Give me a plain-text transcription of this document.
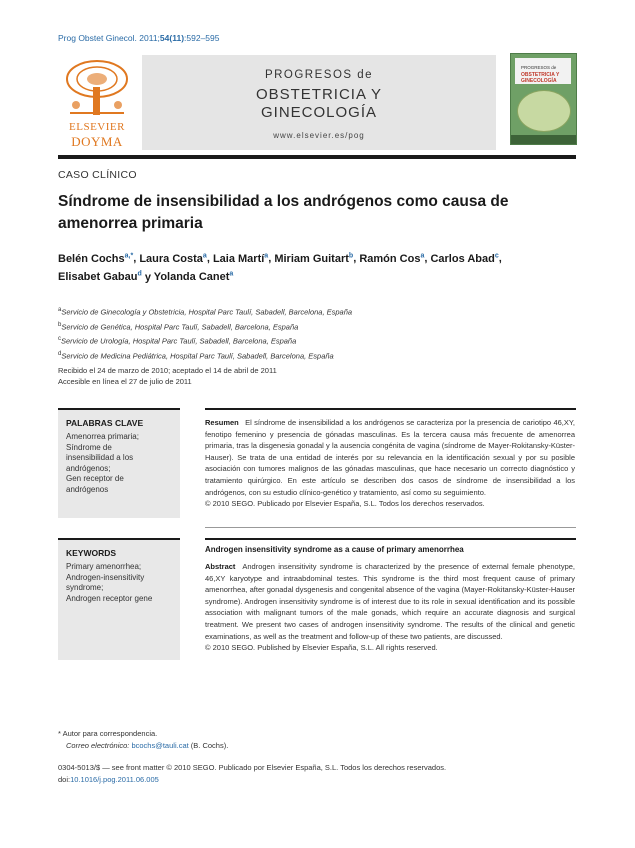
Prog Obstet Ginecol. 2011;54(11):592–595
ELSEVIER
DOYMA
PROGRESOS de
OBSTETRICIA Y
GINECOLOGÍA
www.elsevier.es/pog
PROGRESOS de
OBSTETRICIA Y GINECOLOGÍA
CASO CLÍNICO
Síndrome de insensibilidad a los andrógenos como causa de amenorrea primaria
Belén Cochs$^{a,*}$, Laura Costa$^a$, Laia Martí$^a$, Miriam Guitart$^b$, Ramón Cos$^a$, Carlos Abad$^c$,
Elisabet Gabau$^d$ y Yolanda Canet$^a$
$^a$Servicio de Ginecología y Obstetricia, Hospital Parc Taulí, Sabadell, Barcelona, España
$^b$Servicio de Genética, Hospital Parc Taulí, Sabadell, Barcelona, España
$^c$Servicio de Urología, Hospital Parc Taulí, Sabadell, Barcelona, España
$^d$Servicio de Medicina Pediátrica, Hospital Parc Taulí, Sabadell, Barcelona, España
Recibido el 24 de marzo de 2010; aceptado el 14 de abril de 2011
Accesible en línea el 27 de julio de 2011
PALABRAS CLAVE
Amenorrea primaria;
Síndrome de
insensibilidad a los
andrógenos;
Gen receptor de
andrógenos
Resumen El síndrome de insensibilidad a los andrógenos se caracteriza por la presencia de cariotipo 46,XY, fenotipo femenino y presencia de gónadas masculinas. Es la tercera causa más frecuente de amenorrea primaria, tras la disgenesia gonadal y la ausencia congénita de vagina (síndrome de Mayer-Rokitansky-Küster-Hauser). Se trata de una entidad de interés por su relevancia en la identificación sexual y por su posible asociación con tumores malignos de las gónadas masculinas, que hace necesario un correcto diagnóstico y tratamiento quirúrgico. En este artículo se describen dos casos de síndrome de insensibilidad a los andrógenos, con su estudio clínico-genético y tratamiento, así como su seguimiento.
© 2010 SEGO. Publicado por Elsevier España, S.L. Todos los derechos reservados.
KEYWORDS
Primary amenorrhea;
Androgen-insensitivity
syndrome;
Androgen receptor gene
Androgen insensitivity syndrome as a cause of primary amenorrhea
Abstract Androgen insensitivity syndrome is characterized by the presence of external female phenotype, 46,XY karyotype and intraabdominal testes. This syndrome is the third most frequent cause of primary amenorrhea, after gonadal dysgenesis and congenital absence of the vagina (Mayer-Rokitansky-Küster-Hauser syndrome). Androgen insensitivity syndrome is of interest due to its role in sexual identification and its possible association with malignant tumors of the male gonads, which require an accurate diagnosis and surgical treatment. We present two cases of androgen insensitivity syndrome. The results of the clinical and genetic examinations, as well as the treatment and follow-up of these two patients, are discussed.
© 2010 SEGO. Published by Elsevier España, S.L. All rights reserved.
* Autor para correspondencia.
Correo electrónico: bcochs@tauli.cat (B. Cochs).
0304-5013/$ — see front matter © 2010 SEGO. Publicado por Elsevier España, S.L. Todos los derechos reservados.
doi:10.1016/j.pog.2011.06.005
